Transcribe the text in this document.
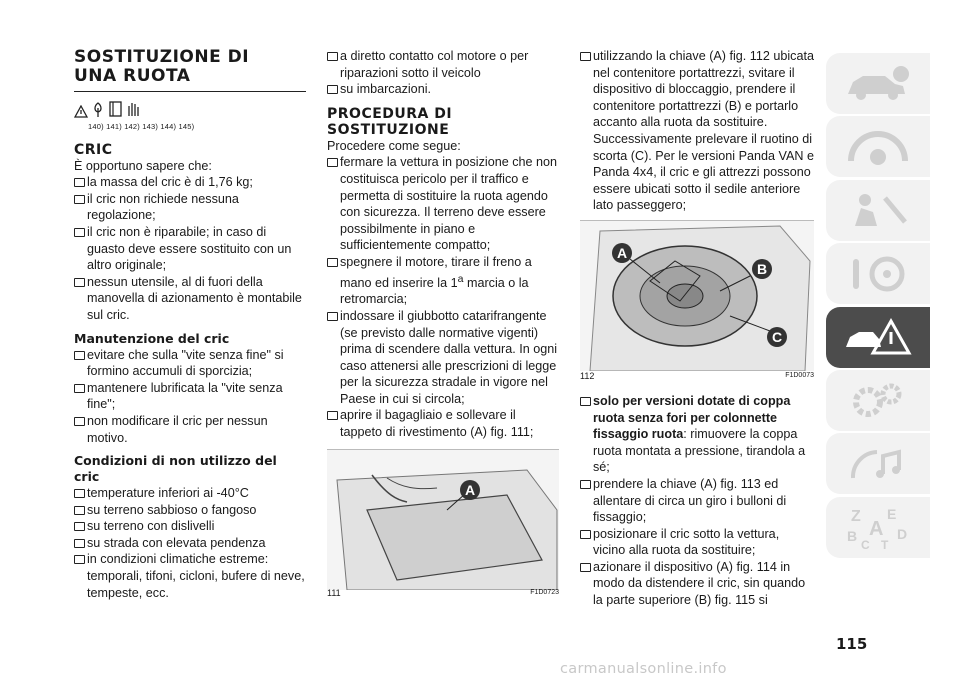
SOSTITUZIONE DI
UNA RUOTA
140) 141) 142) 143) 144) 145)
CRIC

È opportuno sapere che:

la massa del cric è di 1,76 kg;

il cric non richiede nessuna regolazione;

il cric non è riparabile; in caso di guasto deve essere sostituito con un altro originale;

nessun utensile, al di fuori della manovella di azionamento è montabile sul cric.

Manutenzione del cric

evitare che sulla "vite senza fine" si formino accumuli di sporcizia;

mantenere lubrificata la "vite senza fine";

non modificare il cric per nessun motivo.

Condizioni di non utilizzo del cric

temperature inferiori ai -40°C

su terreno sabbioso o fangoso

su terreno con dislivelli

su strada con elevata pendenza

in condizioni climatiche estreme: temporali, tifoni, cicloni, bufere di neve, tempeste, ecc.

a diretto contatto col motore o per riparazioni sotto il veicolo

su imbarcazioni.

PROCEDURA DI
SOSTITUZIONE

Procedere come segue:

fermare la vettura in posizione che non costituisca pericolo per il traffico e permetta di sostituire la ruota agendo con sicurezza. Il terreno deve essere possibilmente in piano e sufficientemente compatto;

spegnere il motore, tirare il freno a mano ed inserire la 1$^a$ marcia o la retromarcia;

indossare il giubbotto catarifrangente (se previsto dalle normative vigenti) prima di scendere dalla vettura. In ogni caso attenersi alle prescrizioni di legge per la sicurezza stradale in vigore nel Paese in cui si circola;

aprire il bagagliaio e sollevare il tappeto di rivestimento (A) fig. 111;

A
111	F1D0723

utilizzando la chiave (A) fig. 112 ubicata nel contenitore portattrezzi, svitare il dispositivo di bloccaggio, prendere il contenitore portattrezzi (B) e portarlo accanto alla ruota da sostituire. Successivamente prelevare il ruotino di scorta (C). Per le versioni Panda VAN e Panda 4x4, il cric e gli attrezzi possono essere ubicati sotto il sedile anteriore lato passeggero;

A
B
C
112	F1D0073

solo per versioni dotate di coppa ruota senza fori per colonnette fissaggio ruota: rimuovere la coppa ruota montata a pressione, tirandola a sé;

prendere la chiave (A) fig. 113 ed allentare di circa un giro i bulloni di fissaggio;

posizionare il cric sotto la vettura, vicino alla ruota da sostituire;

azionare il dispositivo (A) fig. 114 in modo da distendere il cric, sin quando la parte superiore (B) fig. 115 si

Z E
B A D
C T
115
carmanualsonline.info
